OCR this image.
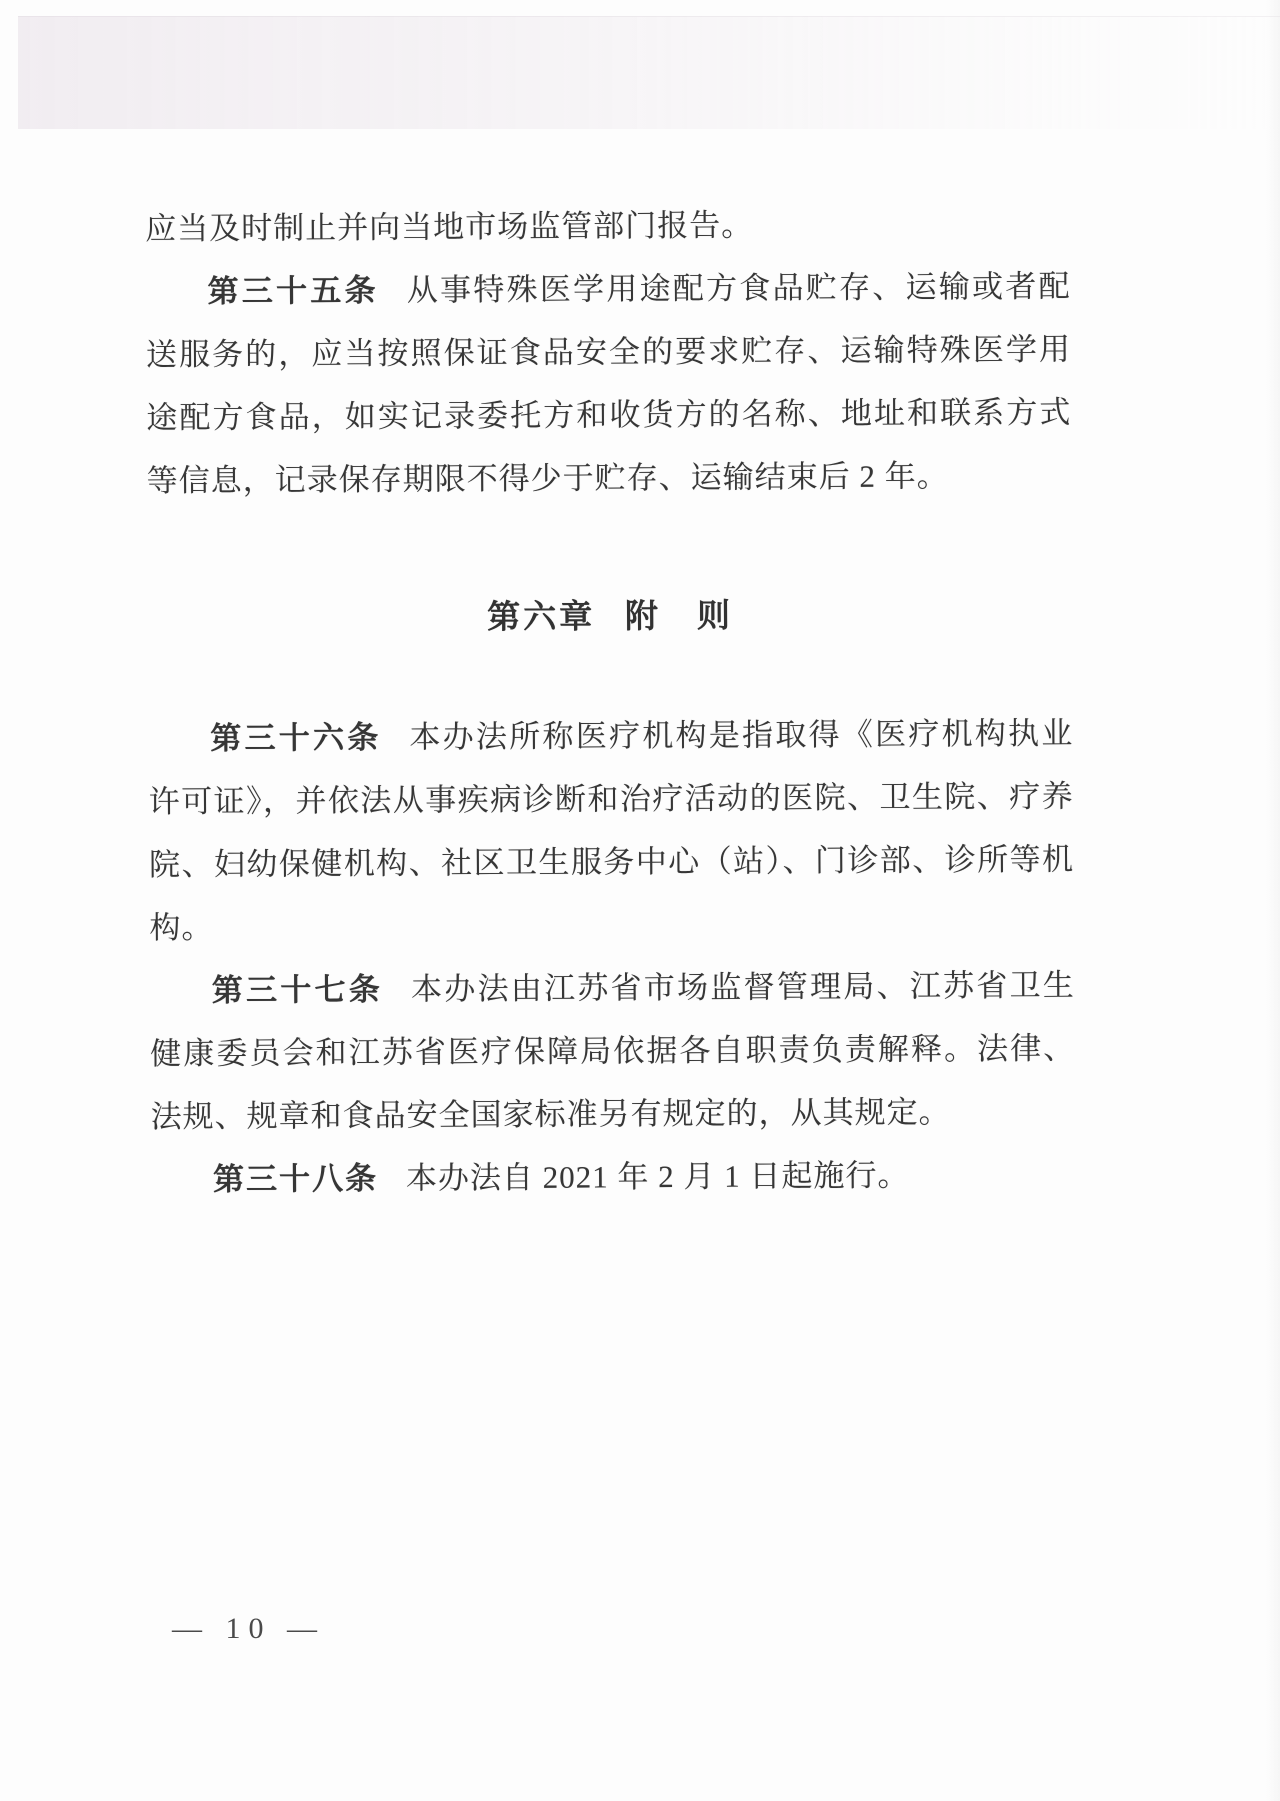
应当及时制止并向当地市场监管部门报告。

第三十五条 从事特殊医学用途配方食品贮存、运输或者配送服务的，应当按照保证食品安全的要求贮存、运输特殊医学用途配方食品，如实记录委托方和收货方的名称、地址和联系方式等信息，记录保存期限不得少于贮存、运输结束后 2 年。

第六章 附　则

第三十六条 本办法所称医疗机构是指取得《医疗机构执业许可证》，并依法从事疾病诊断和治疗活动的医院、卫生院、疗养院、妇幼保健机构、社区卫生服务中心（站）、门诊部、诊所等机构。

第三十七条 本办法由江苏省市场监督管理局、江苏省卫生健康委员会和江苏省医疗保障局依据各自职责负责解释。法律、法规、规章和食品安全国家标准另有规定的，从其规定。

第三十八条 本办法自 2021 年 2 月 1 日起施行。

— 10 —
